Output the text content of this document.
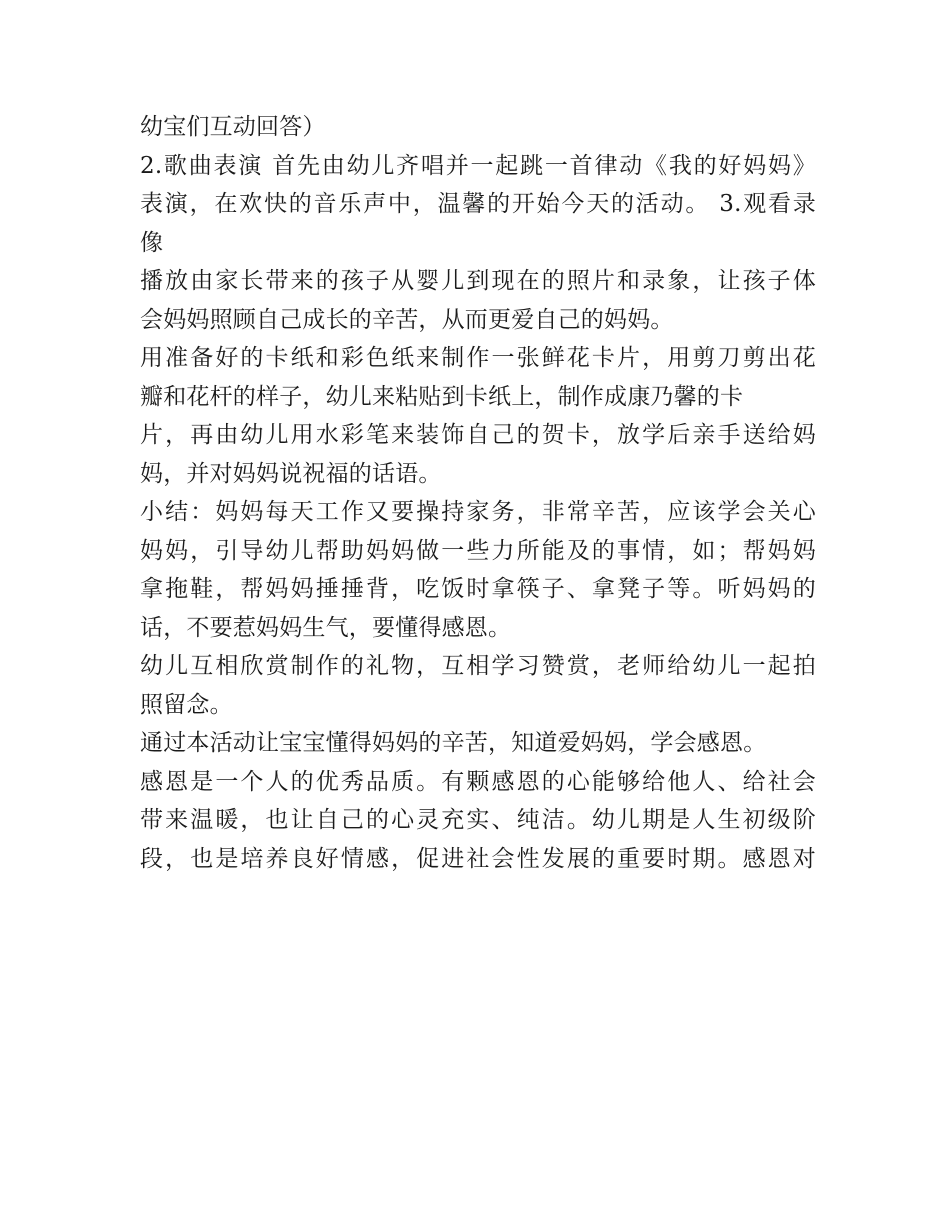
幼宝们互动回答）
2.歌曲表演 首先由幼儿齐唱并一起跳一首律动《我的好妈妈》
表演，在欢快的音乐声中，温馨的开始今天的活动。 3.观看录
像
播放由家长带来的孩子从婴儿到现在的照片和录象，让孩子体
会妈妈照顾自己成长的辛苦，从而更爱自己的妈妈。
用准备好的卡纸和彩色纸来制作一张鲜花卡片，用剪刀剪出花
瓣和花杆的样子，幼儿来粘贴到卡纸上，制作成康乃馨的卡
片，再由幼儿用水彩笔来装饰自己的贺卡，放学后亲手送给妈
妈，并对妈妈说祝福的话语。
小结：妈妈每天工作又要操持家务，非常辛苦，应该学会关心
妈妈，引导幼儿帮助妈妈做一些力所能及的事情，如；帮妈妈
拿拖鞋，帮妈妈捶捶背，吃饭时拿筷子、拿凳子等。听妈妈的
话，不要惹妈妈生气，要懂得感恩。
幼儿互相欣赏制作的礼物，互相学习赞赏，老师给幼儿一起拍
照留念。
通过本活动让宝宝懂得妈妈的辛苦，知道爱妈妈，学会感恩。
感恩是一个人的优秀品质。有颗感恩的心能够给他人、给社会
带来温暖，也让自己的心灵充实、纯洁。幼儿期是人生初级阶
段，也是培养良好情感，促进社会性发展的重要时期。感恩对
